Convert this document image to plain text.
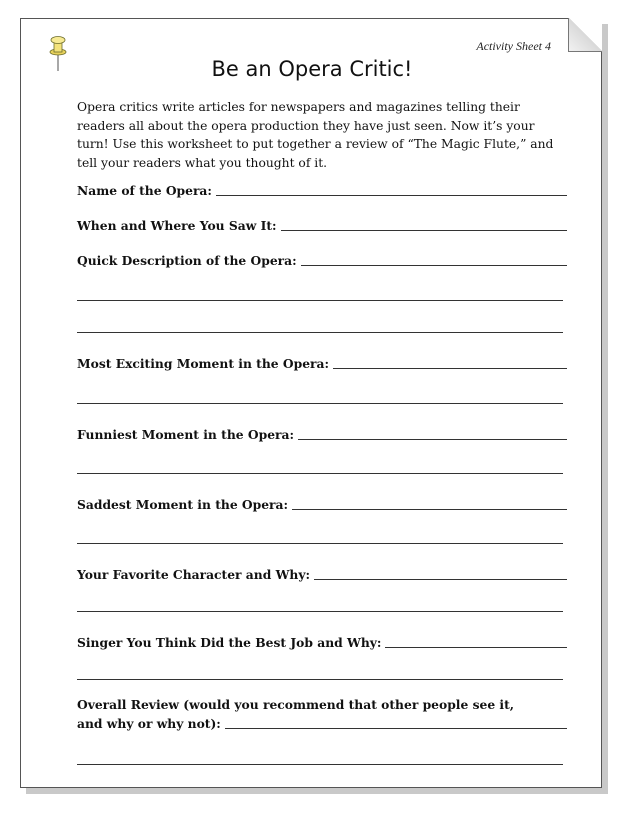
Activity Sheet 4
Be an Opera Critic!

Opera critics write articles for newspapers and magazines telling their readers all about the opera production they have just seen. Now it’s your turn! Use this worksheet to put together a review of “The Magic Flute,” and tell your readers what you thought of it.

Name of the Opera:
When and Where You Saw It:
Quick Description of the Opera:
Most Exciting Moment in the Opera:
Funniest Moment in the Opera:
Saddest Moment in the Opera:
Your Favorite Character and Why:
Singer You Think Did the Best Job and Why:
Overall Review (would you recommend that other people see it,
and why or why not):
